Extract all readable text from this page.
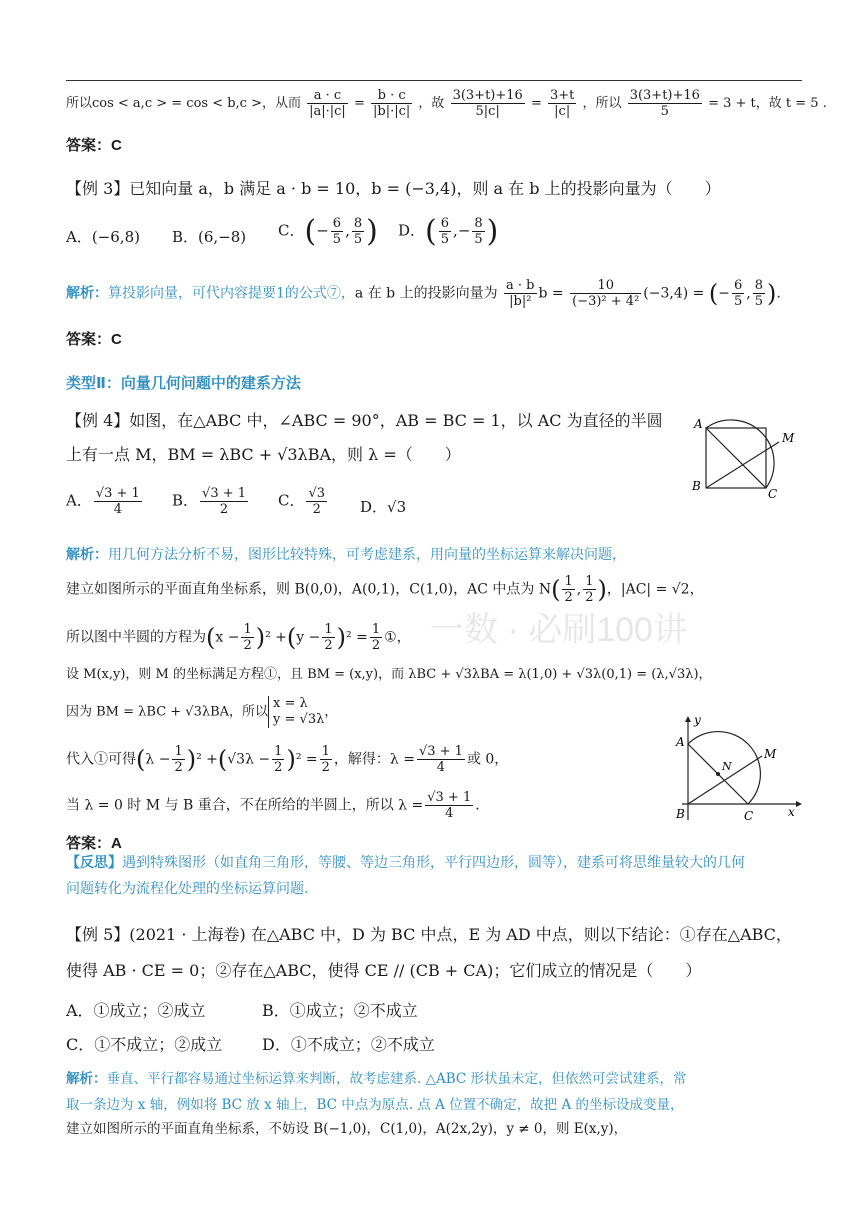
一数 · 必刷100讲
所以cos < a,c > = cos < b,c >，从而 $\frac{a \cdot c}{|a|\cdot|c|} = \frac{b \cdot c}{|b|\cdot|c|}$ ，故 $\frac{3(3+t)+16}{5|c|} = \frac{3+t}{|c|}$ ，所以 $\frac{3(3+t)+16}{5} = 3 + t$，故 t = 5 .
答案：C
【例 3】已知向量 a，b 满足 a · b = 10，b = (−3,4)，则 a 在 b 上的投影向量为（　　）
A．(−6,8) B．(6,−8) C．(− $\frac{6}{5}$ , $\frac{8}{5}$ ) D．( $\frac{6}{5}$ ,− $\frac{8}{5}$ )
解析：算投影向量，可代内容提要1的公式⑦，a 在 b 上的投影向量为 $\frac{a \cdot b}{\text{|b|²}}$ $b = \frac{10}{\text{(−3)² + 4²}} (-3,4)$ = (− $\frac{6}{5}$ , $\frac{8}{5}$ ).
答案：C
类型Ⅱ：向量几何问题中的建系方法
【例 4】如图，在△ABC 中，∠ABC = 90°，AB = BC = 1，以 AC 为直径的半圆
上有一点 M，BM = λBC + √3λBA，则 λ =（　　）
A． $\frac{√3 + 1}{4}$ B． $\frac{√3 + 1}{2}$ C． $\frac{√3}{2}$ D．√3
A
B
C
M
解析：用几何方法分析不易，图形比较特殊，可考虑建系，用向量的坐标运算来解决问题，
建立如图所示的平面直角坐标系，则 B(0,0)，A(0,1)，C(1,0)，AC 中点为 $N( \frac{1}{2}$ , $\frac{1}{2}$ )，|AC| = √2，
所以图中半圆的方程为$(x - \frac{1}{2} )^2 +(y - \frac{1}{2} )^2 = \frac{1}{2}$ ①，
设 M(x,y)，则 M 的坐标满足方程①，且 BM = (x,y)，而 λBC + √3λBA = λ(1,0) + √3λ(0,1) = (λ,√3λ)，
因为 BM = λBC + √3λBA，所以
x = λ
y = √3λ ，
代入①可得$(\lambda - \frac{1}{2} )^2 +(√3\lambda - \frac{1}{2} )^2 = \frac{1}{2}$ ，解得：$\lambda = \frac{√3 + 1}{4}$ 或 0，
当 λ = 0 时 M 与 B 重合，不在所给的半圆上，所以 $\lambda = \frac{√3 + 1}{4}$ .
y
x
A
B	C
M
N
答案：A
【反思】遇到特殊图形（如直角三角形，等腰、等边三角形，平行四边形，圆等），建系可将思维量较大的几何
问题转化为流程化处理的坐标运算问题.
【例 5】(2021 · 上海卷) 在△ABC 中，D 为 BC 中点，E 为 AD 中点，则以下结论：①存在△ABC，
使得 AB · CE = 0；②存在△ABC，使得 CE // (CB + CA)；它们成立的情况是（　　）
A．①成立；②成立	B．①成立；②不成立
C．①不成立；②成立 D．①不成立；②不成立
解析：垂直、平行都容易通过坐标运算来判断，故考虑建系. △ABC 形状虽未定，但依然可尝试建系，常
取一条边为 x 轴，例如将 BC 放 x 轴上，BC 中点为原点. 点 A 位置不确定，故把 A 的坐标设成变量，
建立如图所示的平面直角坐标系，不妨设 B(−1,0)，C(1,0)，A(2x,2y)，y ≠ 0，则 E(x,y)，
